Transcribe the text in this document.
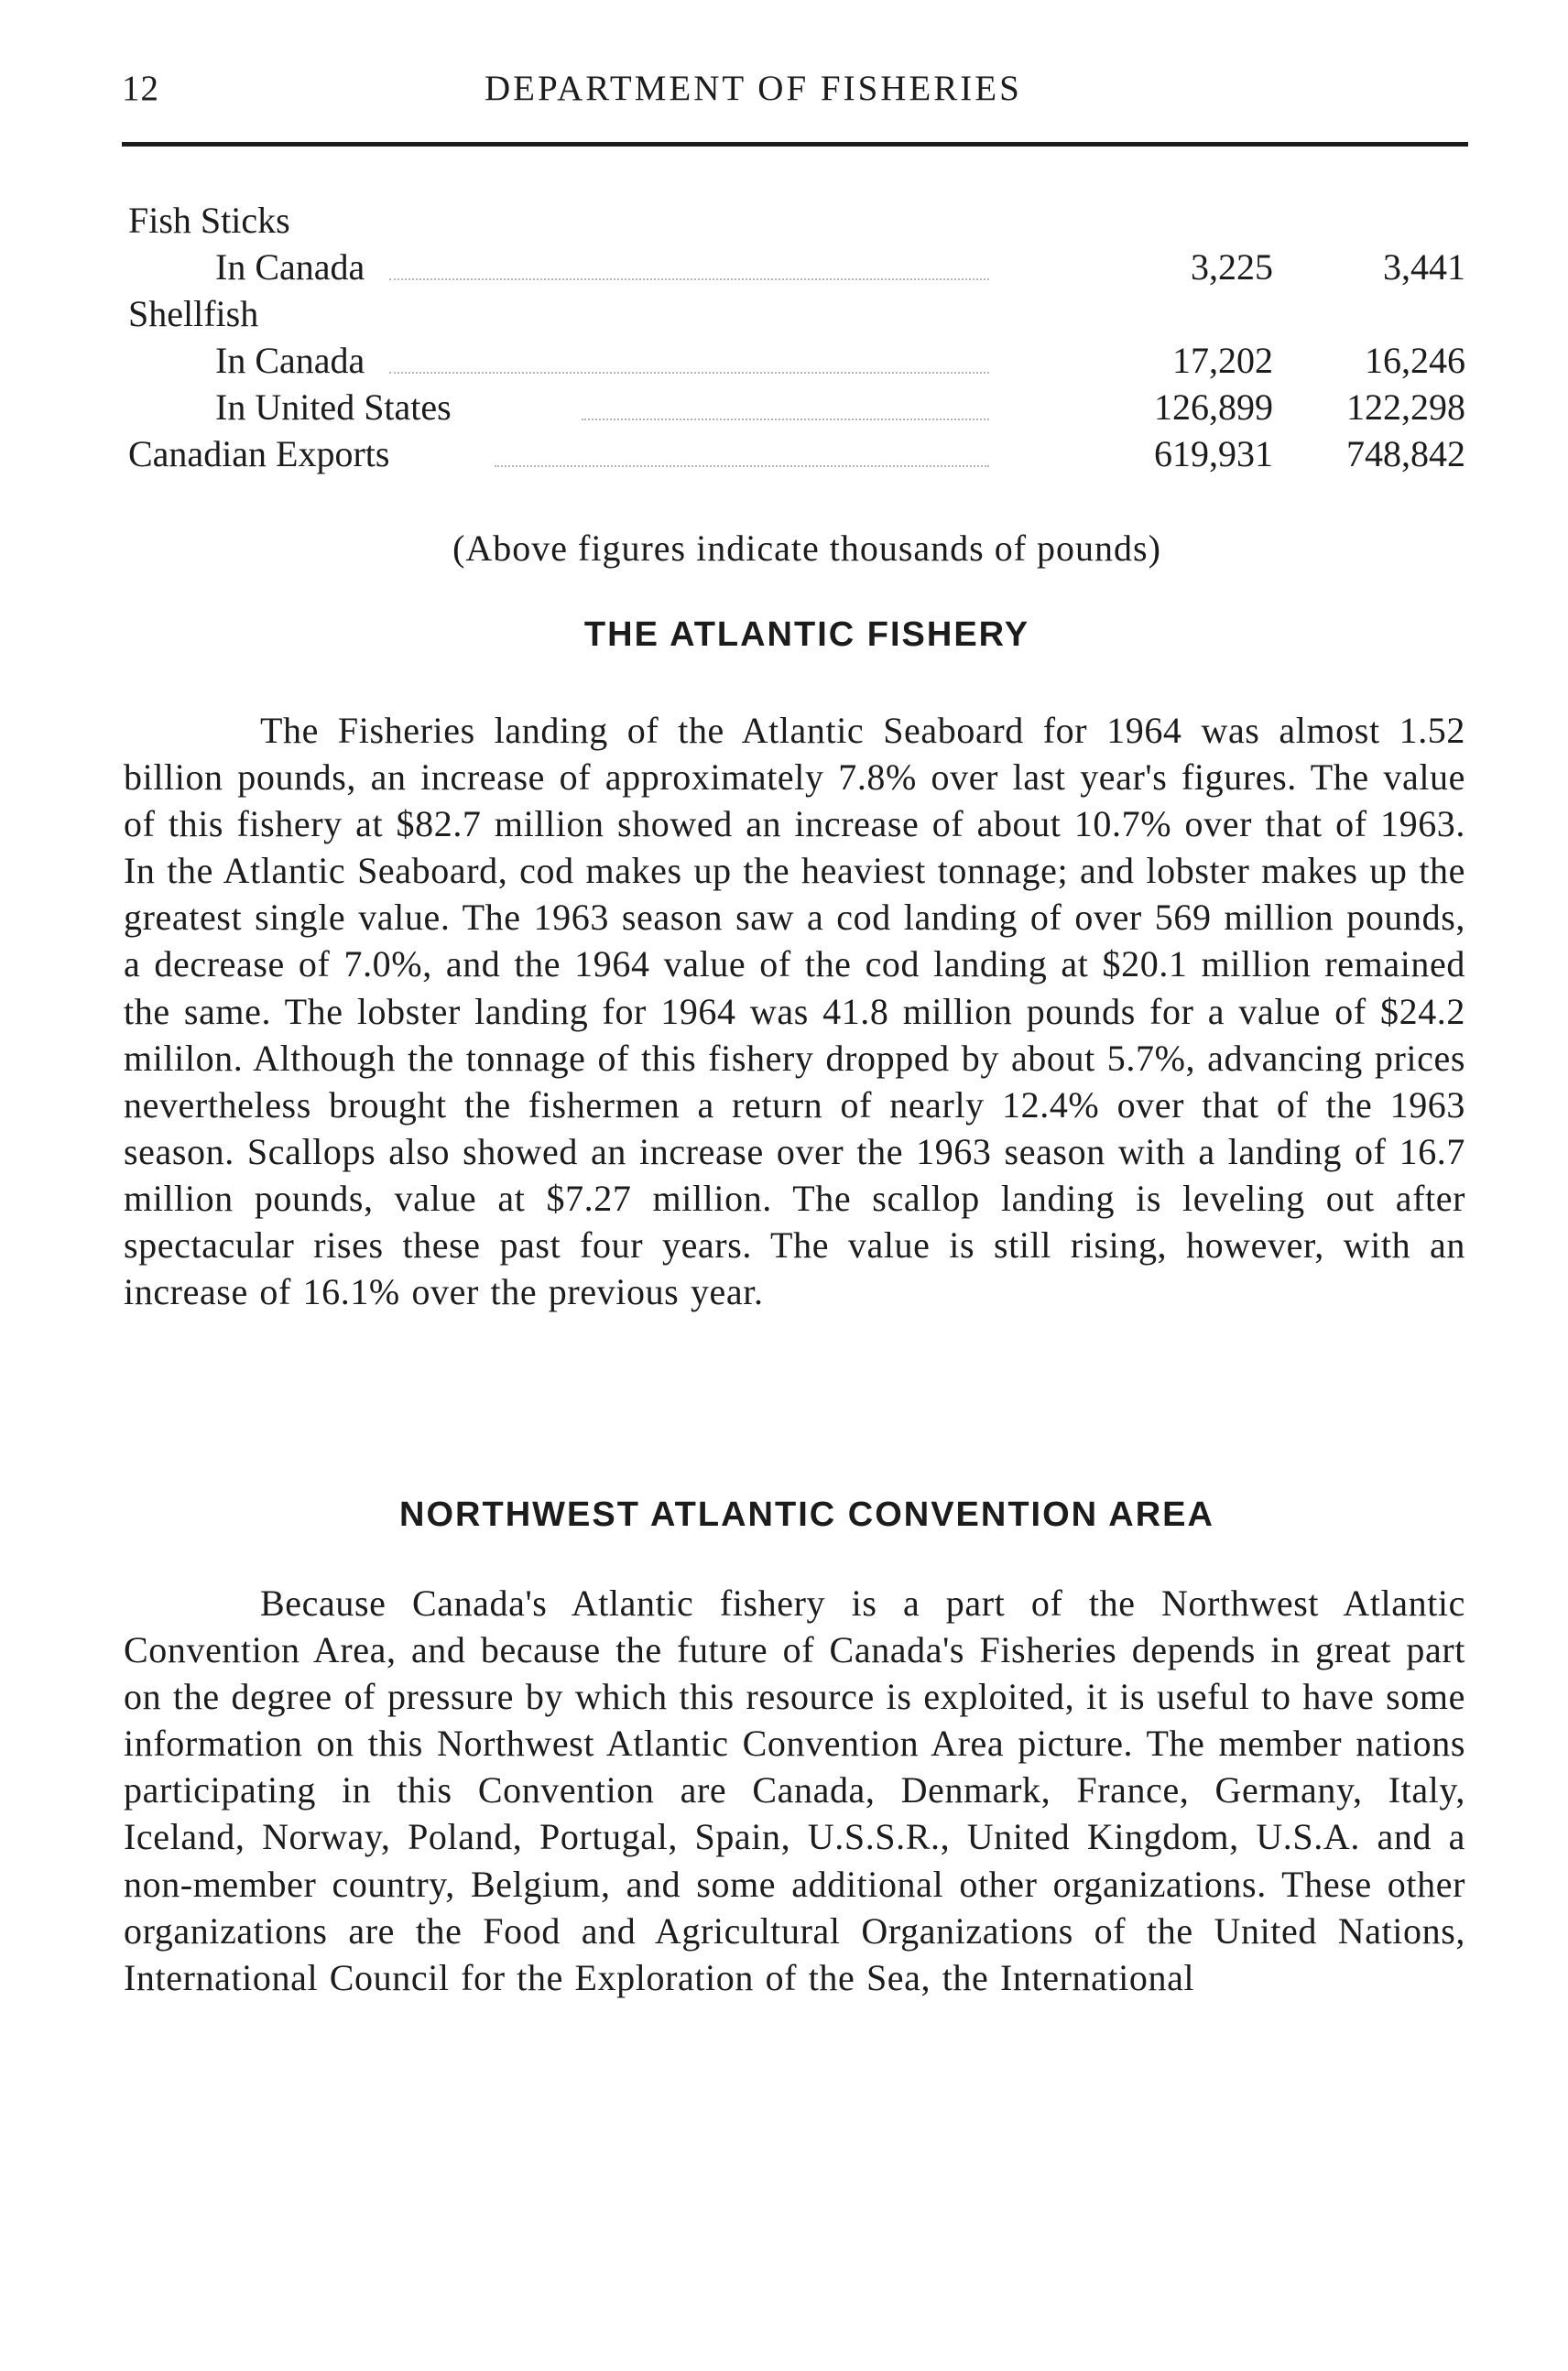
12	DEPARTMENT OF FISHERIES
Fish Sticks
In Canada	3,225	3,441
Shellfish
In Canada	17,202	16,246
In United States	126,899	122,298
Canadian Exports	619,931	748,842
(Above figures indicate thousands of pounds)
THE ATLANTIC FISHERY

The Fisheries landing of the Atlantic Seaboard for 1964 was almost 1.52 billion pounds, an increase of approximately 7.8% over last year's figures. The value of this fishery at $82.7 million showed an increase of about 10.7% over that of 1963. In the Atlantic Seaboard, cod makes up the heaviest tonnage; and lobster makes up the greatest single value. The 1963 season saw a cod landing of over 569 million pounds, a decrease of 7.0%, and the 1964 value of the cod landing at $20.1 million remained the same. The lobster landing for 1964 was 41.8 million pounds for a value of $24.2 mililon. Although the tonnage of this fishery dropped by about 5.7%, advancing prices nevertheless brought the fishermen a return of nearly 12.4% over that of the 1963 season. Scallops also showed an increase over the 1963 season with a landing of 16.7 million pounds, value at $7.27 million. The scallop landing is leveling out after spectacular rises these past four years. The value is still rising, however, with an increase of 16.1% over the previous year.

NORTHWEST ATLANTIC CONVENTION AREA

Because Canada's Atlantic fishery is a part of the Northwest Atlantic Convention Area, and because the future of Canada's Fisheries depends in great part on the degree of pressure by which this resource is exploited, it is useful to have some information on this Northwest Atlantic Convention Area picture. The member nations participating in this Convention are Canada, Denmark, France, Germany, Italy, Iceland, Norway, Poland, Portugal, Spain, U.S.S.R., United Kingdom, U.S.A. and a non-member country, Belgium, and some additional other organizations. These other organizations are the Food and Agricultural Organizations of the United Nations, International Council for the Exploration of the Sea, the International
